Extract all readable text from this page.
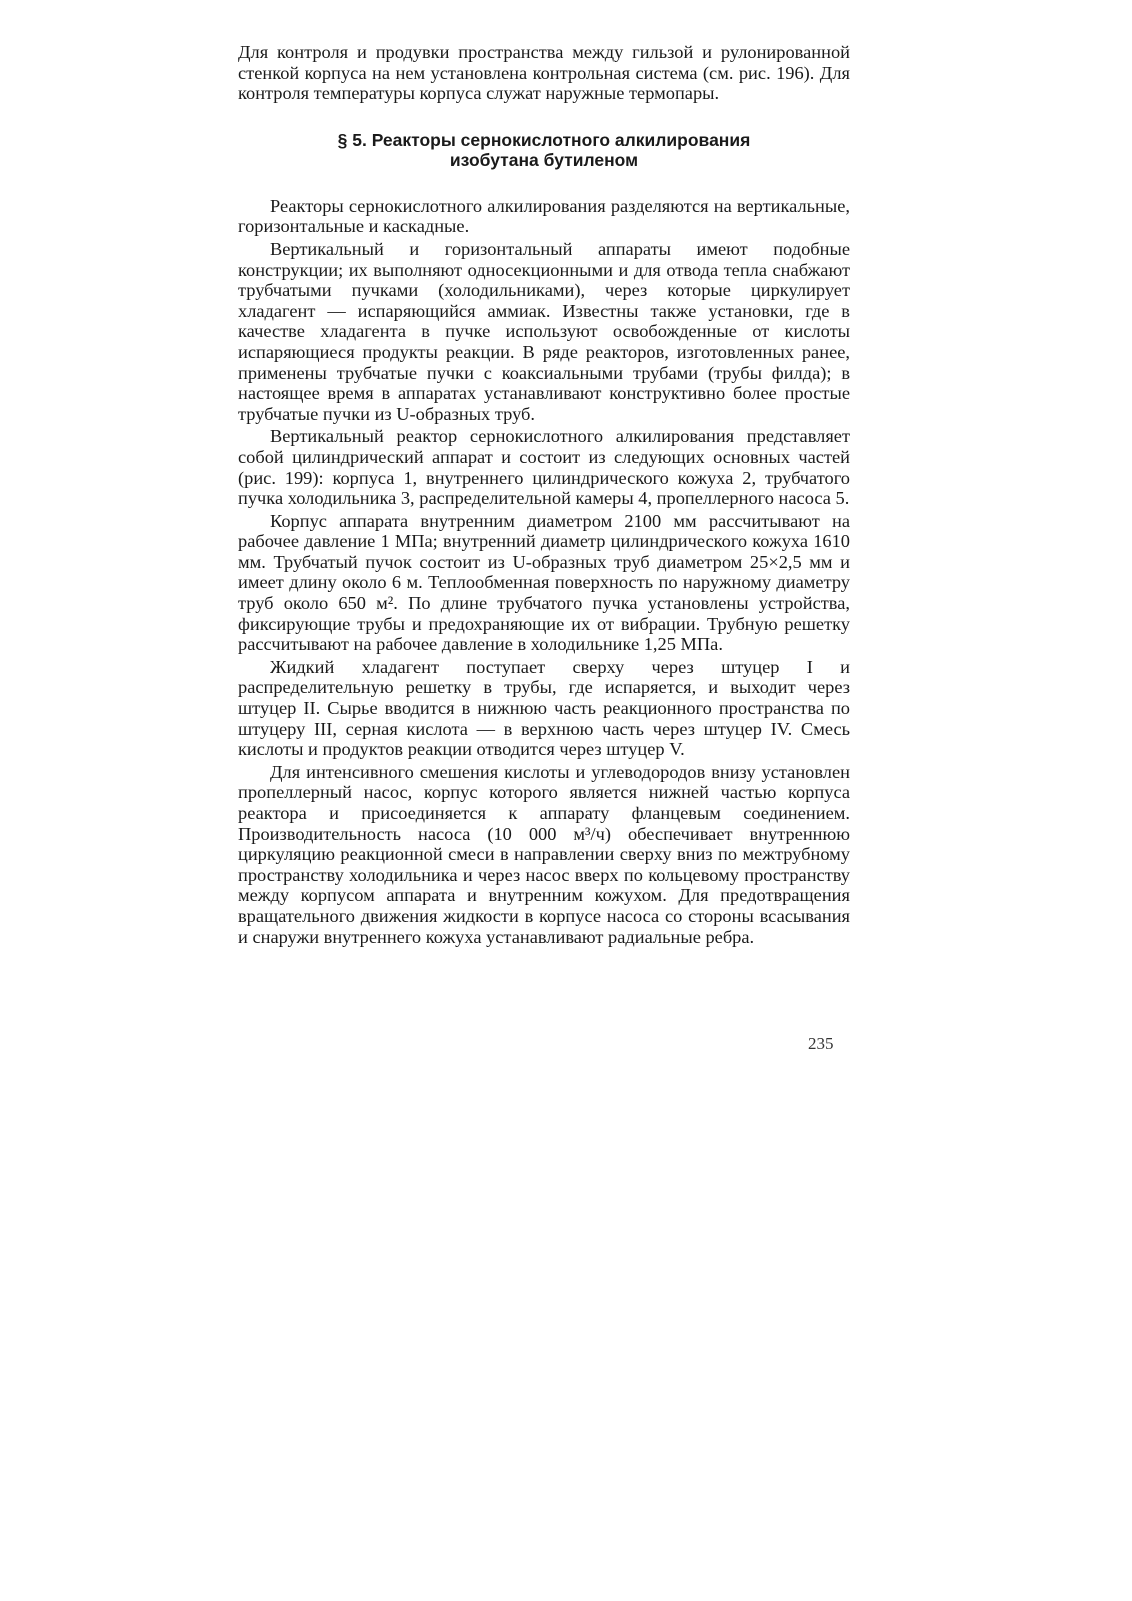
Для контроля и продувки пространства между гильзой и рулонированной стенкой корпуса на нем установлена контрольная система (см. рис. 196). Для контроля температуры корпуса служат наружные термопары.

§ 5. Реакторы сернокислотного алкилирования
изобутана бутиленом

Реакторы сернокислотного алкилирования разделяются на вертикальные, горизонтальные и каскадные.

Вертикальный и горизонтальный аппараты имеют подобные конструкции; их выполняют односекционными и для отвода тепла снабжают трубчатыми пучками (холодильниками), через которые циркулирует хладагент — испаряющийся аммиак. Известны также установки, где в качестве хладагента в пучке используют освобожденные от кислоты испаряющиеся продукты реакции. В ряде реакторов, изготовленных ранее, применены трубчатые пучки с коаксиальными трубами (трубы филда); в настоящее время в аппаратах устанавливают конструктивно более простые трубчатые пучки из U-образных труб.

Вертикальный реактор сернокислотного алкилирования представляет собой цилиндрический аппарат и состоит из следующих основных частей (рис. 199): корпуса 1, внутреннего цилиндрического кожуха 2, трубчатого пучка холодильника 3, распределительной камеры 4, пропеллерного насоса 5.

Корпус аппарата внутренним диаметром 2100 мм рассчитывают на рабочее давление 1 МПа; внутренний диаметр цилиндрического кожуха 1610 мм. Трубчатый пучок состоит из U-образных труб диаметром 25×2,5 мм и имеет длину около 6 м. Теплообменная поверхность по наружному диаметру труб около 650 м². По длине трубчатого пучка установлены устройства, фиксирующие трубы и предохраняющие их от вибрации. Трубную решетку рассчитывают на рабочее давление в холодильнике 1,25 МПа.

Жидкий хладагент поступает сверху через штуцер I и распределительную решетку в трубы, где испаряется, и выходит через штуцер II. Сырье вводится в нижнюю часть реакционного пространства по штуцеру III, серная кислота — в верхнюю часть через штуцер IV. Смесь кислоты и продуктов реакции отводится через штуцер V.

Для интенсивного смешения кислоты и углеводородов внизу установлен пропеллерный насос, корпус которого является нижней частью корпуса реактора и присоединяется к аппарату фланцевым соединением. Производительность насоса (10 000 м³/ч) обеспечивает внутреннюю циркуляцию реакционной смеси в направлении сверху вниз по межтрубному пространству холодильника и через насос вверх по кольцевому пространству между корпусом аппарата и внутренним кожухом. Для предотвращения вращательного движения жидкости в корпусе насоса со стороны всасывания и снаружи внутреннего кожуха устанавливают радиальные ребра.

235
